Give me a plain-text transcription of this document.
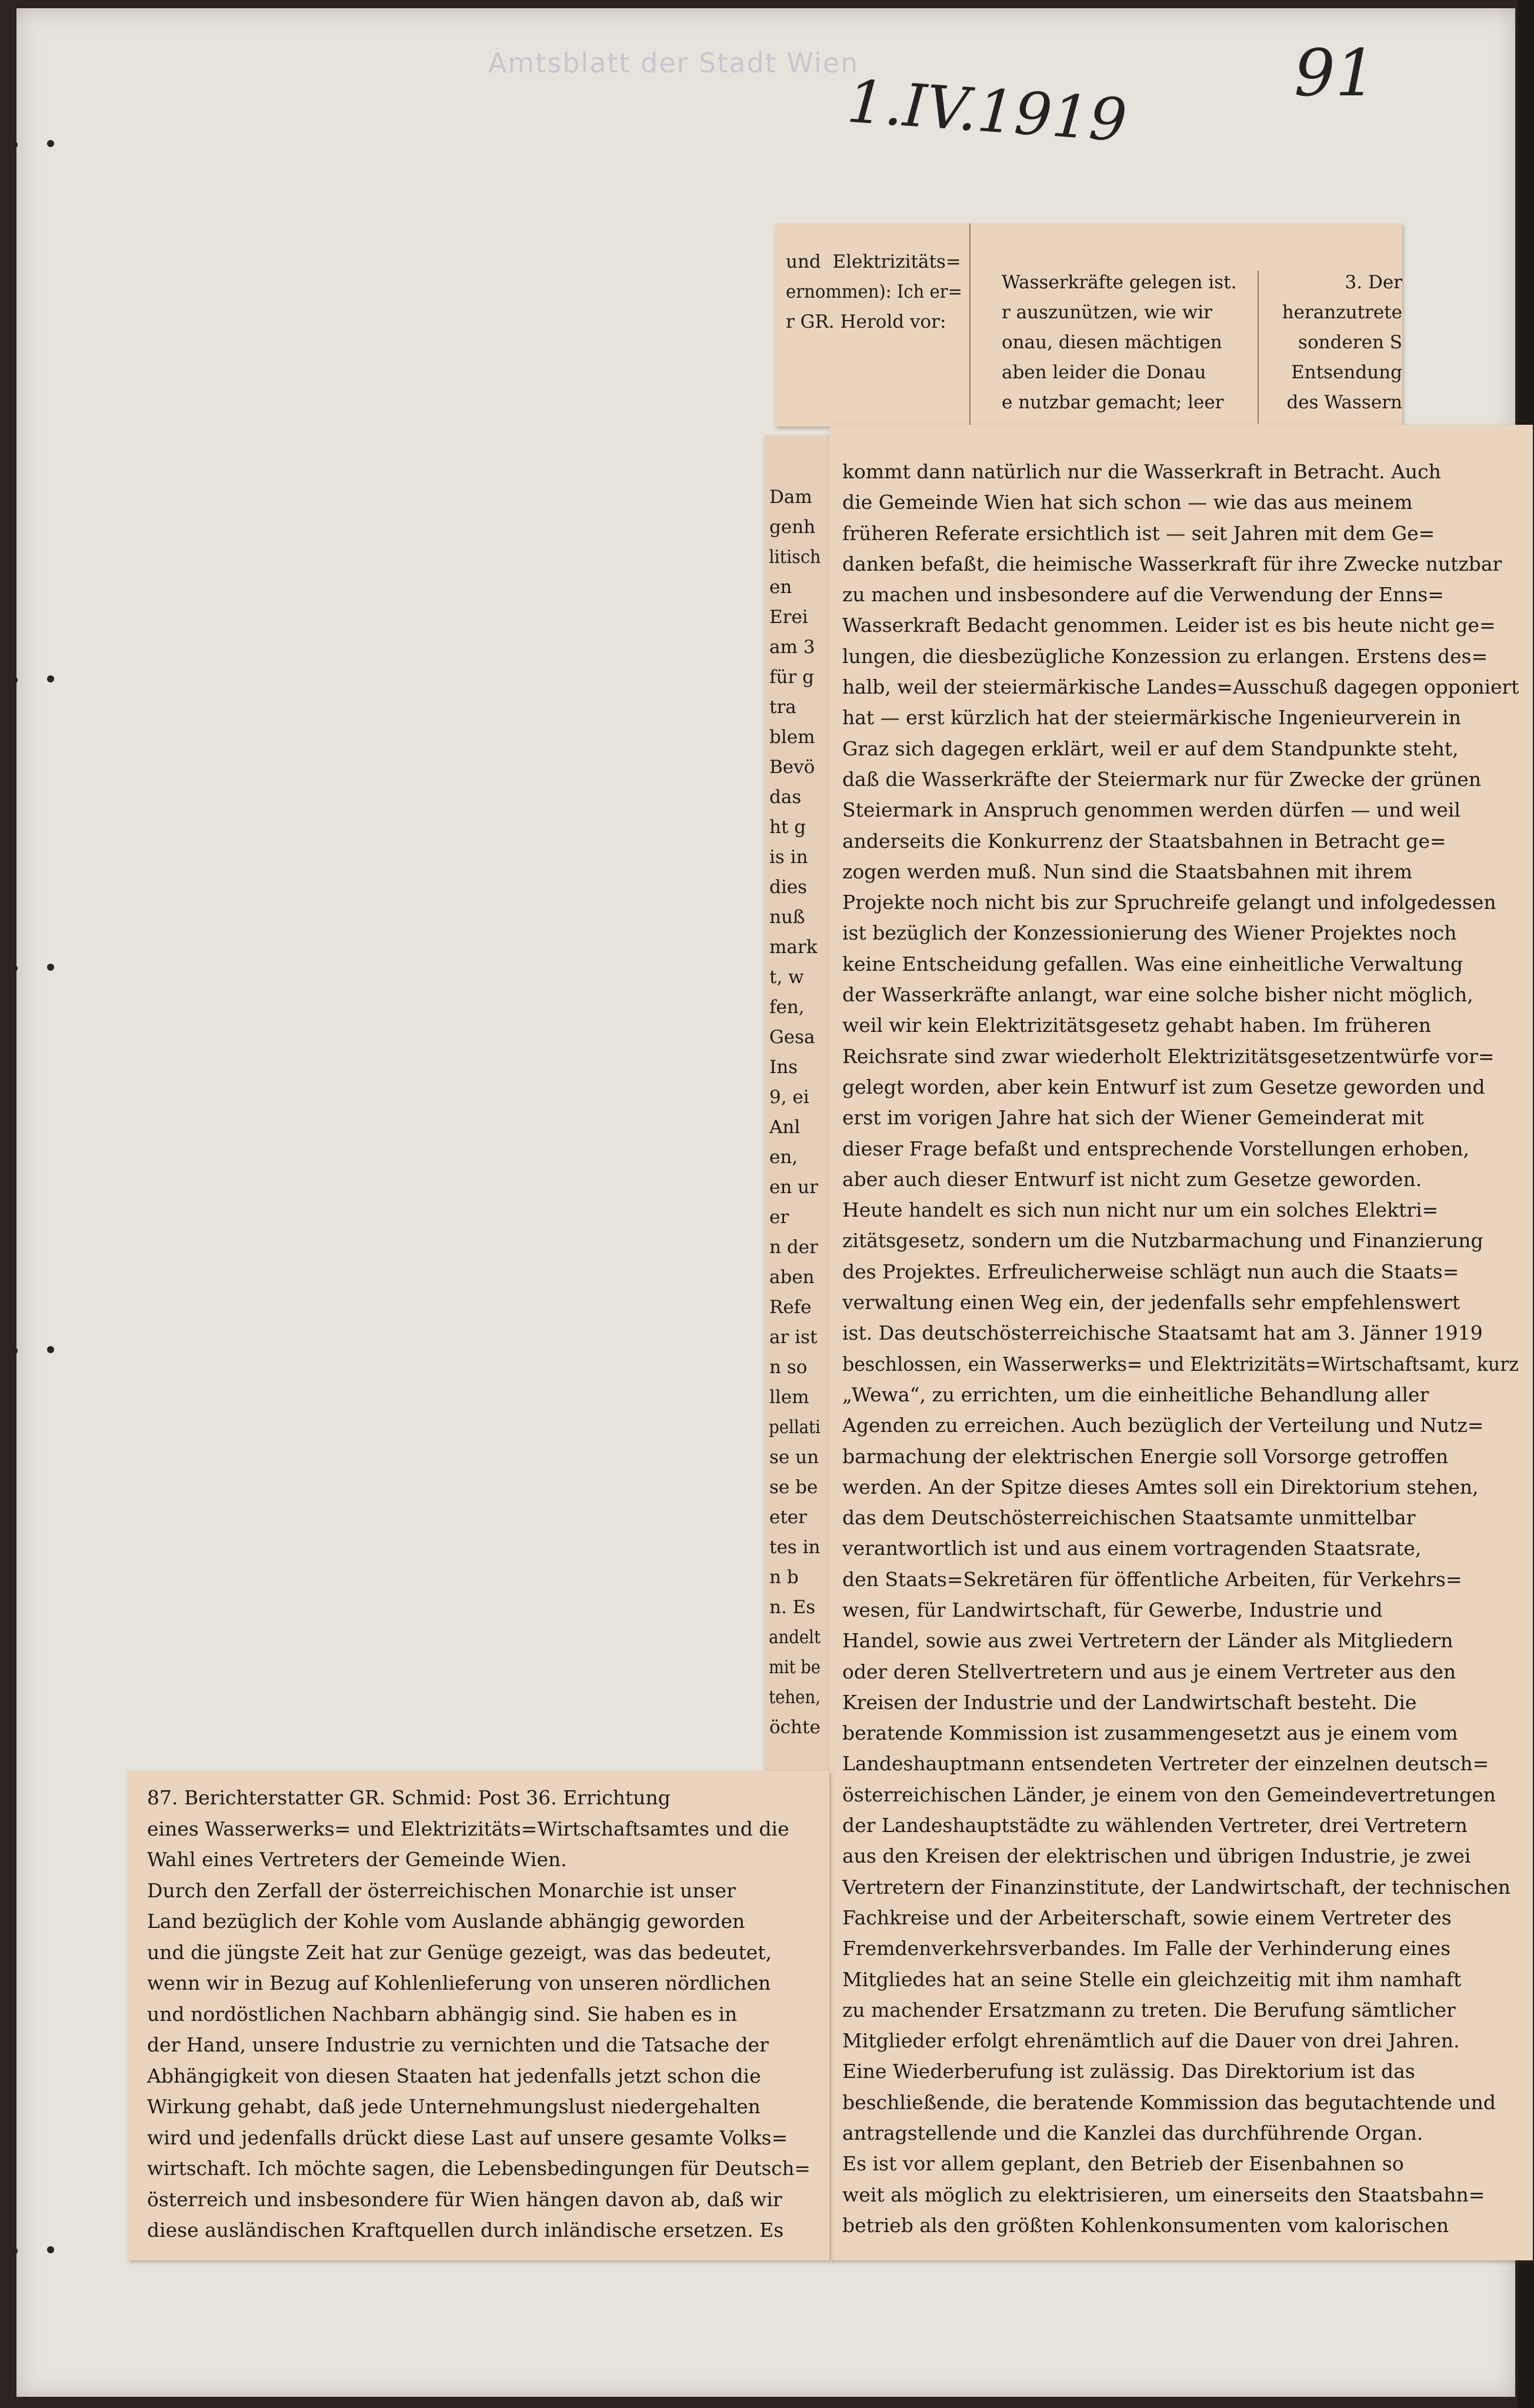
Amtsblatt der Stadt Wien
1.IV.1919	91
und  Elektrizitäts=
ernommen): Ich er=
r GR. Herold vor:
Wasserkräfte gelegen ist.
r auszunützen, wie wir
onau, diesen mächtigen
aben leider die Donau
e nutzbar gemacht; leer
3. Der
heranzutrete
sonderen S
Entsendung
des Wassern
Dam
genh
litisch
en
Erei
am 3
für g
tra
blem
Bevö
das
ht g
is in
dies
nuß
mark
t, w
fen,
Gesa
Ins
9, ei
Anl
en,
en ur
er
n der
aben
Refe
ar ist
n so
llem
pellati
se un
se be
eter
tes in
n b
n. Es
andelt
mit be
tehen,
öchte
kommt dann natürlich nur die Wasserkraft in Betracht. Auch
die Gemeinde Wien hat sich schon — wie das aus meinem
früheren Referate ersichtlich ist — seit Jahren mit dem Ge=
danken befaßt, die heimische Wasserkraft für ihre Zwecke nutzbar
zu machen und insbesondere auf die Verwendung der Enns=
Wasserkraft Bedacht genommen. Leider ist es bis heute nicht ge=
lungen, die diesbezügliche Konzession zu erlangen. Erstens des=
halb, weil der steiermärkische Landes=Ausschuß dagegen opponiert
hat — erst kürzlich hat der steiermärkische Ingenieurverein in
Graz sich dagegen erklärt, weil er auf dem Standpunkte steht,
daß die Wasserkräfte der Steiermark nur für Zwecke der grünen
Steiermark in Anspruch genommen werden dürfen — und weil
anderseits die Konkurrenz der Staatsbahnen in Betracht ge=
zogen werden muß. Nun sind die Staatsbahnen mit ihrem
Projekte noch nicht bis zur Spruchreife gelangt und infolgedessen
ist bezüglich der Konzessionierung des Wiener Projektes noch
keine Entscheidung gefallen. Was eine einheitliche Verwaltung
der Wasserkräfte anlangt, war eine solche bisher nicht möglich,
weil wir kein Elektrizitätsgesetz gehabt haben. Im früheren
Reichsrate sind zwar wiederholt Elektrizitätsgesetzentwürfe vor=
gelegt worden, aber kein Entwurf ist zum Gesetze geworden und
erst im vorigen Jahre hat sich der Wiener Gemeinderat mit
dieser Frage befaßt und entsprechende Vorstellungen erhoben,
aber auch dieser Entwurf ist nicht zum Gesetze geworden.
Heute handelt es sich nun nicht nur um ein solches Elektri=
zitätsgesetz, sondern um die Nutzbarmachung und Finanzierung
des Projektes. Erfreulicherweise schlägt nun auch die Staats=
verwaltung einen Weg ein, der jedenfalls sehr empfehlenswert
ist. Das deutschösterreichische Staatsamt hat am 3. Jänner 1919
beschlossen, ein Wasserwerks= und Elektrizitäts=Wirtschaftsamt, kurz
„Wewa“, zu errichten, um die einheitliche Behandlung aller
Agenden zu erreichen. Auch bezüglich der Verteilung und Nutz=
barmachung der elektrischen Energie soll Vorsorge getroffen
werden. An der Spitze dieses Amtes soll ein Direktorium stehen,
das dem Deutschösterreichischen Staatsamte unmittelbar
verantwortlich ist und aus einem vortragenden Staatsrate,
den Staats=Sekretären für öffentliche Arbeiten, für Verkehrs=
wesen, für Landwirtschaft, für Gewerbe, Industrie und
Handel, sowie aus zwei Vertretern der Länder als Mitgliedern
oder deren Stellvertretern und aus je einem Vertreter aus den
Kreisen der Industrie und der Landwirtschaft besteht. Die
beratende Kommission ist zusammengesetzt aus je einem vom
Landeshauptmann entsendeten Vertreter der einzelnen deutsch=
österreichischen Länder, je einem von den Gemeindevertretungen
der Landeshauptstädte zu wählenden Vertreter, drei Vertretern
aus den Kreisen der elektrischen und übrigen Industrie, je zwei
Vertretern der Finanzinstitute, der Landwirtschaft, der technischen
Fachkreise und der Arbeiterschaft, sowie einem Vertreter des
Fremdenverkehrsverbandes. Im Falle der Verhinderung eines
Mitgliedes hat an seine Stelle ein gleichzeitig mit ihm namhaft
zu machender Ersatzmann zu treten. Die Berufung sämtlicher
Mitglieder erfolgt ehrenämtlich auf die Dauer von drei Jahren.
Eine Wiederberufung ist zulässig. Das Direktorium ist das
beschließende, die beratende Kommission das begutachtende und
antragstellende und die Kanzlei das durchführende Organ.
Es ist vor allem geplant, den Betrieb der Eisenbahnen so
weit als möglich zu elektrisieren, um einerseits den Staatsbahn=
betrieb als den größten Kohlenkonsumenten vom kalorischen
87. Berichterstatter GR. Schmid: Post 36. Errichtung
eines Wasserwerks= und Elektrizitäts=Wirtschaftsamtes und die
Wahl eines Vertreters der Gemeinde Wien.
Durch den Zerfall der österreichischen Monarchie ist unser
Land bezüglich der Kohle vom Auslande abhängig geworden
und die jüngste Zeit hat zur Genüge gezeigt, was das bedeutet,
wenn wir in Bezug auf Kohlenlieferung von unseren nördlichen
und nordöstlichen Nachbarn abhängig sind. Sie haben es in
der Hand, unsere Industrie zu vernichten und die Tatsache der
Abhängigkeit von diesen Staaten hat jedenfalls jetzt schon die
Wirkung gehabt, daß jede Unternehmungslust niedergehalten
wird und jedenfalls drückt diese Last auf unsere gesamte Volks=
wirtschaft. Ich möchte sagen, die Lebensbedingungen für Deutsch=
österreich und insbesondere für Wien hängen davon ab, daß wir
diese ausländischen Kraftquellen durch inländische ersetzen. Es
